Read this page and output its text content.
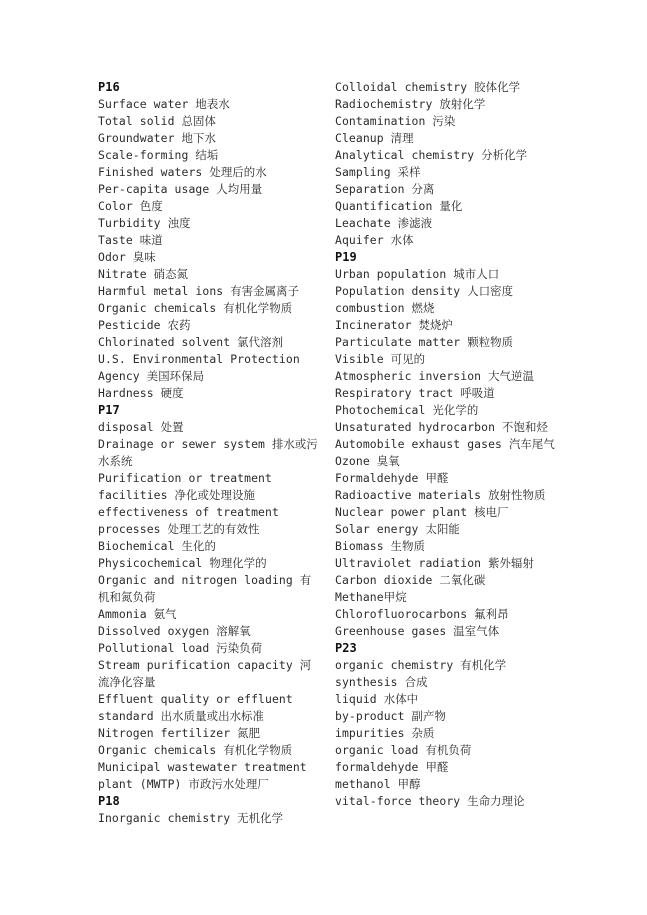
P16
Surface water 地表水
Total solid 总固体
Groundwater 地下水
Scale-forming 结垢
Finished waters 处理后的水
Per-capita usage 人均用量
Color 色度
Turbidity 浊度
Taste 味道
Odor 臭味
Nitrate 硝态氮
Harmful metal ions 有害金属离子
Organic chemicals 有机化学物质
Pesticide 农药
Chlorinated solvent 氯代溶剂
U.S. Environmental Protection Agency 美国环保局
Hardness 硬度
P17
disposal 处置
Drainage or sewer system 排水或污水系统
Purification or treatment facilities 净化或处理设施
effectiveness of treatment processes 处理工艺的有效性
Biochemical 生化的
Physicochemical 物理化学的
Organic and nitrogen loading 有机和氮负荷
Ammonia 氨气
Dissolved oxygen 溶解氧
Pollutional load 污染负荷
Stream purification capacity 河流净化容量
Effluent quality or effluent standard 出水质量或出水标准
Nitrogen fertilizer 氮肥
Organic chemicals 有机化学物质
Municipal wastewater treatment plant (MWTP) 市政污水处理厂
P18
Inorganic chemistry 无机化学
Colloidal chemistry 胶体化学
Radiochemistry 放射化学
Contamination 污染
Cleanup 清理
Analytical chemistry 分析化学
Sampling 采样
Separation 分离
Quantification 量化
Leachate 渗滤液
Aquifer 水体
P19
Urban population 城市人口
Population density 人口密度
combustion 燃烧
Incinerator 焚烧炉
Particulate matter 颗粒物质
Visible 可见的
Atmospheric inversion 大气逆温
Respiratory tract 呼吸道
Photochemical 光化学的
Unsaturated hydrocarbon 不饱和烃
Automobile exhaust gases 汽车尾气
Ozone 臭氧
Formaldehyde 甲醛
Radioactive materials 放射性物质
Nuclear power plant 核电厂
Solar energy 太阳能
Biomass 生物质
Ultraviolet radiation 紫外辐射
Carbon dioxide 二氧化碳
Methane甲烷
Chlorofluorocarbons 氟利昂
Greenhouse gases 温室气体
P23
organic chemistry 有机化学
synthesis 合成
liquid 水体中
by-product 副产物
impurities 杂质
organic load 有机负荷
formaldehyde 甲醛
methanol 甲醇
vital-force theory 生命力理论
